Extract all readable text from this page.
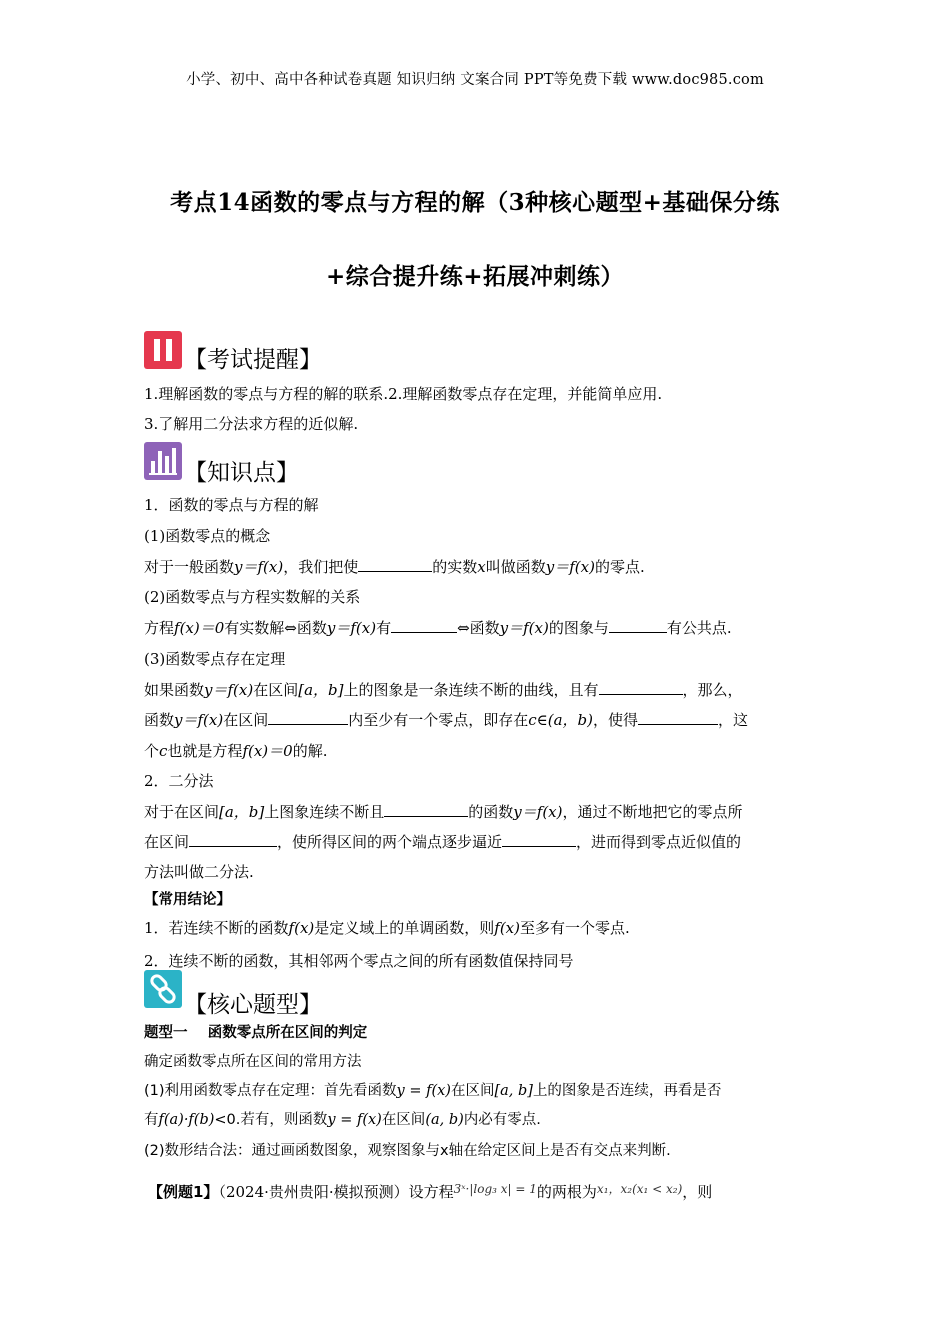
小学、初中、高中各种试卷真题 知识归纳 文案合同 PPT等免费下载 www.doc985.com
考点14函数的零点与方程的解（3种核心题型+基础保分练
+综合提升练+拓展冲刺练）
【考试提醒】
1.理解函数的零点与方程的解的联系.2.理解函数零点存在定理，并能简单应用.
3.了解用二分法求方程的近似解.
【知识点】
1．函数的零点与方程的解
(1)函数零点的概念
对于一般函数y＝f(x)，我们把使	的实数x叫做函数y＝f(x)的零点.
(2)函数零点与方程实数解的关系
方程f(x)＝0有实数解⇔函数y＝f(x)有	⇔函数y＝f(x)的图象与	有公共点.
(3)函数零点存在定理
如果函数y＝f(x)在区间[a，b]上的图象是一条连续不断的曲线，且有	，那么，
函数y＝f(x)在区间	内至少有一个零点，即存在c∈(a，b)，使得	，这
个c也就是方程f(x)＝0的解.
2．二分法
对于在区间[a，b]上图象连续不断且	的函数y＝f(x)，通过不断地把它的零点所
在区间	，使所得区间的两个端点逐步逼近	，进而得到零点近似值的
方法叫做二分法.
【常用结论】
1．若连续不断的函数f(x)是定义域上的单调函数，则f(x)至多有一个零点.
2．连续不断的函数，其相邻两个零点之间的所有函数值保持同号
【核心题型】
题型一    函数零点所在区间的判定
确定函数零点所在区间的常用方法
(1)利用函数零点存在定理：首先看函数y = f(x)在区间[a, b]上的图象是否连续，再看是否
有f(a)·f(b)<0.若有，则函数y = f(x)在区间(a, b)内必有零点.
(2)数形结合法：通过画函数图象，观察图象与x轴在给定区间上是否有交点来判断.
【例题1】（2024·贵州贵阳·模拟预测）设方程$^{3ˣ\cdot|log_3 x| = 1}$的两根为$^{x_1,x_2(x_1 < x_2)}$，则
